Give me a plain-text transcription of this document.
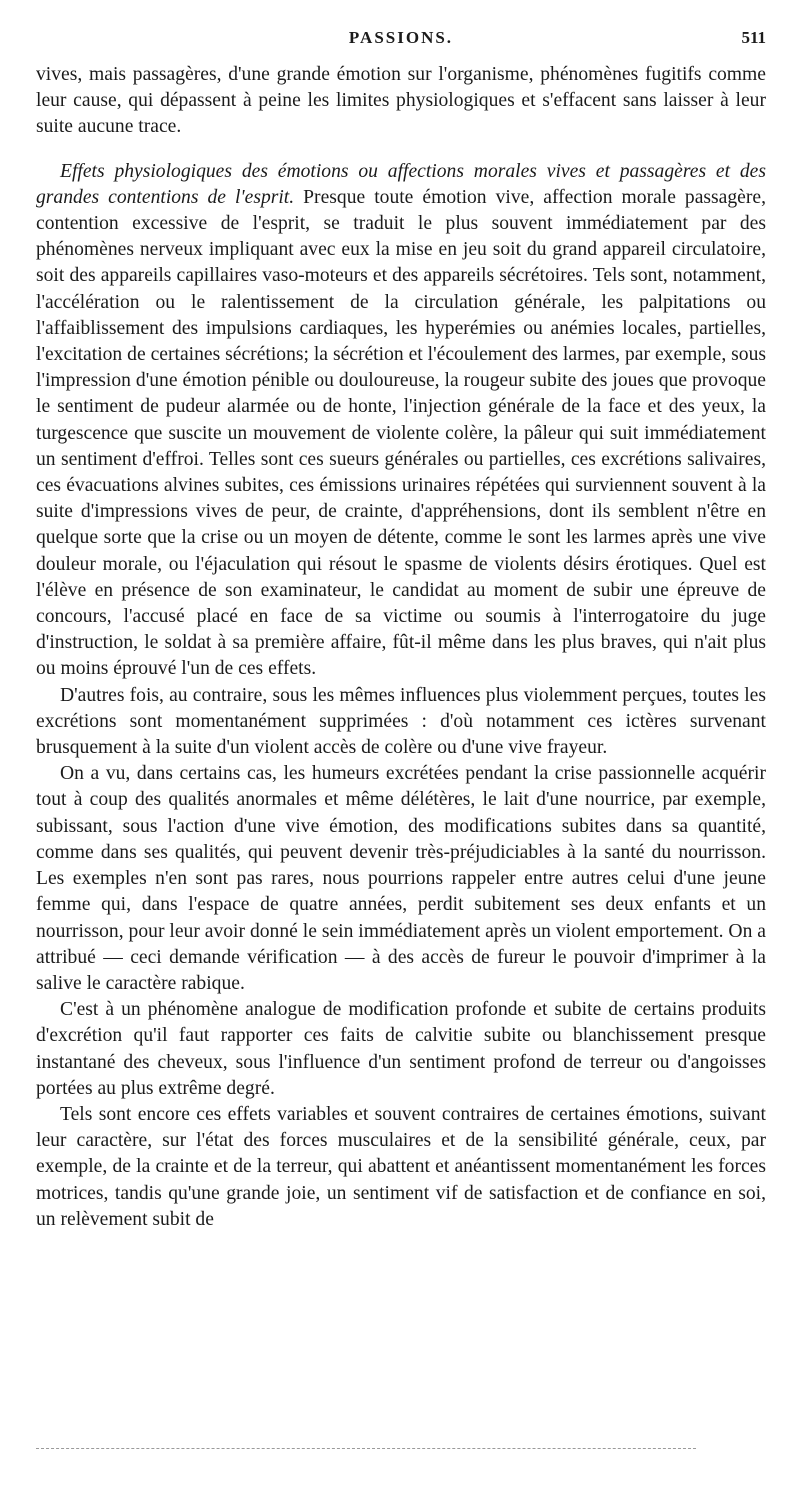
PASSIONS.	511

vives, mais passagères, d'une grande émotion sur l'organisme, phénomènes fugitifs comme leur cause, qui dépassent à peine les limites physiologiques et s'effacent sans laisser à leur suite aucune trace.

Effets physiologiques des émotions ou affections morales vives et passagères et des grandes contentions de l'esprit. Presque toute émotion vive, affection morale passagère, contention excessive de l'esprit, se traduit le plus souvent immédiatement par des phénomènes nerveux impliquant avec eux la mise en jeu soit du grand appareil circulatoire, soit des appareils capillaires vaso-moteurs et des appareils sécrétoires. Tels sont, notamment, l'accélération ou le ralentissement de la circulation générale, les palpitations ou l'affaiblissement des impulsions cardiaques, les hyperémies ou anémies locales, partielles, l'excitation de certaines sécrétions; la sécrétion et l'écoulement des larmes, par exemple, sous l'impression d'une émotion pénible ou douloureuse, la rougeur subite des joues que provoque le sentiment de pudeur alarmée ou de honte, l'injection générale de la face et des yeux, la turgescence que suscite un mouvement de violente colère, la pâleur qui suit immédiatement un sentiment d'effroi. Telles sont ces sueurs générales ou partielles, ces excrétions salivaires, ces évacuations alvines subites, ces émissions urinaires répétées qui surviennent souvent à la suite d'impressions vives de peur, de crainte, d'appréhensions, dont ils semblent n'être en quelque sorte que la crise ou un moyen de détente, comme le sont les larmes après une vive douleur morale, ou l'éjaculation qui résout le spasme de violents désirs érotiques. Quel est l'élève en présence de son examinateur, le candidat au moment de subir une épreuve de concours, l'accusé placé en face de sa victime ou soumis à l'interrogatoire du juge d'instruction, le soldat à sa première affaire, fût-il même dans les plus braves, qui n'ait plus ou moins éprouvé l'un de ces effets.

D'autres fois, au contraire, sous les mêmes influences plus violemment perçues, toutes les excrétions sont momentanément supprimées : d'où notamment ces ictères survenant brusquement à la suite d'un violent accès de colère ou d'une vive frayeur.

On a vu, dans certains cas, les humeurs excrétées pendant la crise passionnelle acquérir tout à coup des qualités anormales et même délétères, le lait d'une nourrice, par exemple, subissant, sous l'action d'une vive émotion, des modifications subites dans sa quantité, comme dans ses qualités, qui peuvent devenir très-préjudiciables à la santé du nourrisson. Les exemples n'en sont pas rares, nous pourrions rappeler entre autres celui d'une jeune femme qui, dans l'espace de quatre années, perdit subitement ses deux enfants et un nourrisson, pour leur avoir donné le sein immédiatement après un violent emportement. On a attribué — ceci demande vérification — à des accès de fureur le pouvoir d'imprimer à la salive le caractère rabique.

C'est à un phénomène analogue de modification profonde et subite de certains produits d'excrétion qu'il faut rapporter ces faits de calvitie subite ou blanchissement presque instantané des cheveux, sous l'influence d'un sentiment profond de terreur ou d'angoisses portées au plus extrême degré.

Tels sont encore ces effets variables et souvent contraires de certaines émotions, suivant leur caractère, sur l'état des forces musculaires et de la sensibilité générale, ceux, par exemple, de la crainte et de la terreur, qui abattent et anéantissent momentanément les forces motrices, tandis qu'une grande joie, un sentiment vif de satisfaction et de confiance en soi, un relèvement subit de
